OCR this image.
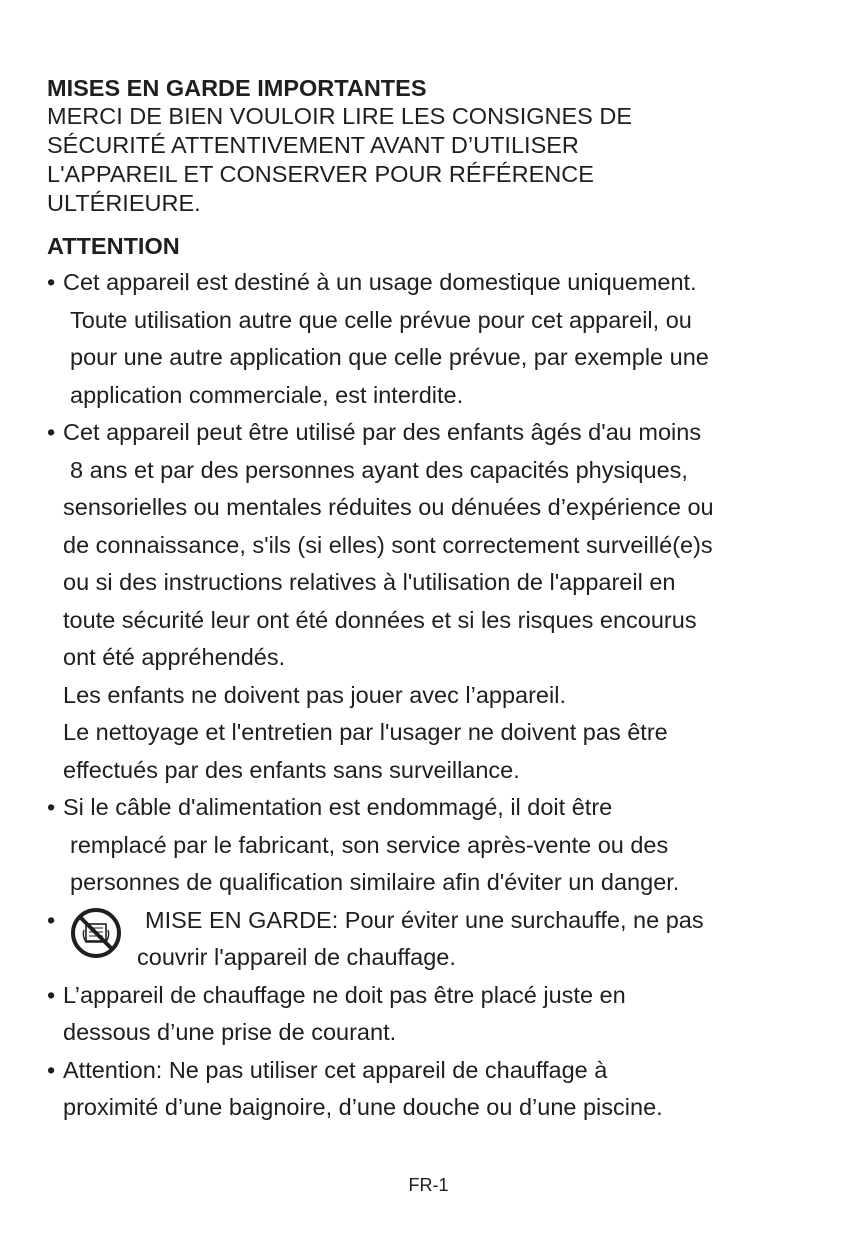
MISES EN GARDE IMPORTANTES

MERCI DE BIEN VOULOIR LIRE LES CONSIGNES DE
SÉCURITÉ ATTENTIVEMENT AVANT D’UTILISER
L'APPAREIL ET CONSERVER POUR RÉFÉRENCE
ULTÉRIEURE.

ATTENTION

• Cet appareil est destiné à un usage domestique uniquement.
Toute utilisation autre que celle prévue pour cet appareil, ou
pour une autre application que celle prévue, par exemple une
application commerciale, est interdite.
• Cet appareil peut être utilisé par des enfants âgés d'au moins
8 ans et par des personnes ayant des capacités physiques,
sensorielles ou mentales réduites ou dénuées d’expérience ou
de connaissance, s'ils (si elles) sont correctement surveillé(e)s
ou si des instructions relatives à l'utilisation de l'appareil en
toute sécurité leur ont été données et si les risques encourus
ont été appréhendés.
Les enfants ne doivent pas jouer avec l’appareil.
Le nettoyage et l'entretien par l'usager ne doivent pas être
effectués par des enfants sans surveillance.
• Si le câble d'alimentation est endommagé, il doit être
remplacé par le fabricant, son service après-vente ou des
personnes de qualification similaire afin d'éviter un danger.
•	MISE EN GARDE: Pour éviter une surchauffe, ne pas
couvrir l'appareil de chauffage.
• L’appareil de chauffage ne doit pas être placé juste en
dessous d’une prise de courant.
• Attention: Ne pas utiliser cet appareil de chauffage à
proximité d’une baignoire, d’une douche ou d’une piscine.
FR-1
